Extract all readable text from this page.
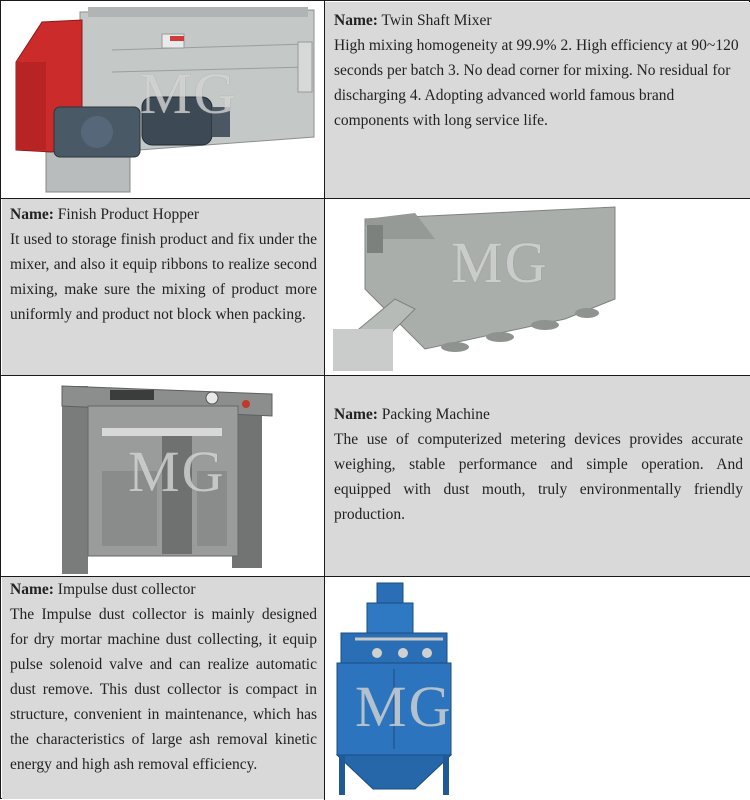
MG
Name: Twin Shaft Mixer
High mixing homogeneity at 99.9% 2. High efficiency at 90~120 seconds per batch 3. No dead corner for mixing. No residual for discharging 4. Adopting advanced world famous brand components with long service life.
Name: Finish Product Hopper
It used to storage finish product and fix under the mixer, and also it equip ribbons to realize second mixing, make sure the mixing of product more uniformly and product not block when packing.
MG
MG
Name: Packing Machine
The use of computerized metering devices provides accurate weighing, stable performance and simple operation. And equipped with dust mouth, truly environmentally friendly production.
Name: Impulse dust collector
The Impulse dust collector is mainly designed for dry mortar machine dust collecting, it equip pulse solenoid valve and can realize automatic dust remove. This dust collector is compact in structure, convenient in maintenance, which has the characteristics of large ash removal kinetic energy and high ash removal efficiency.
MG
